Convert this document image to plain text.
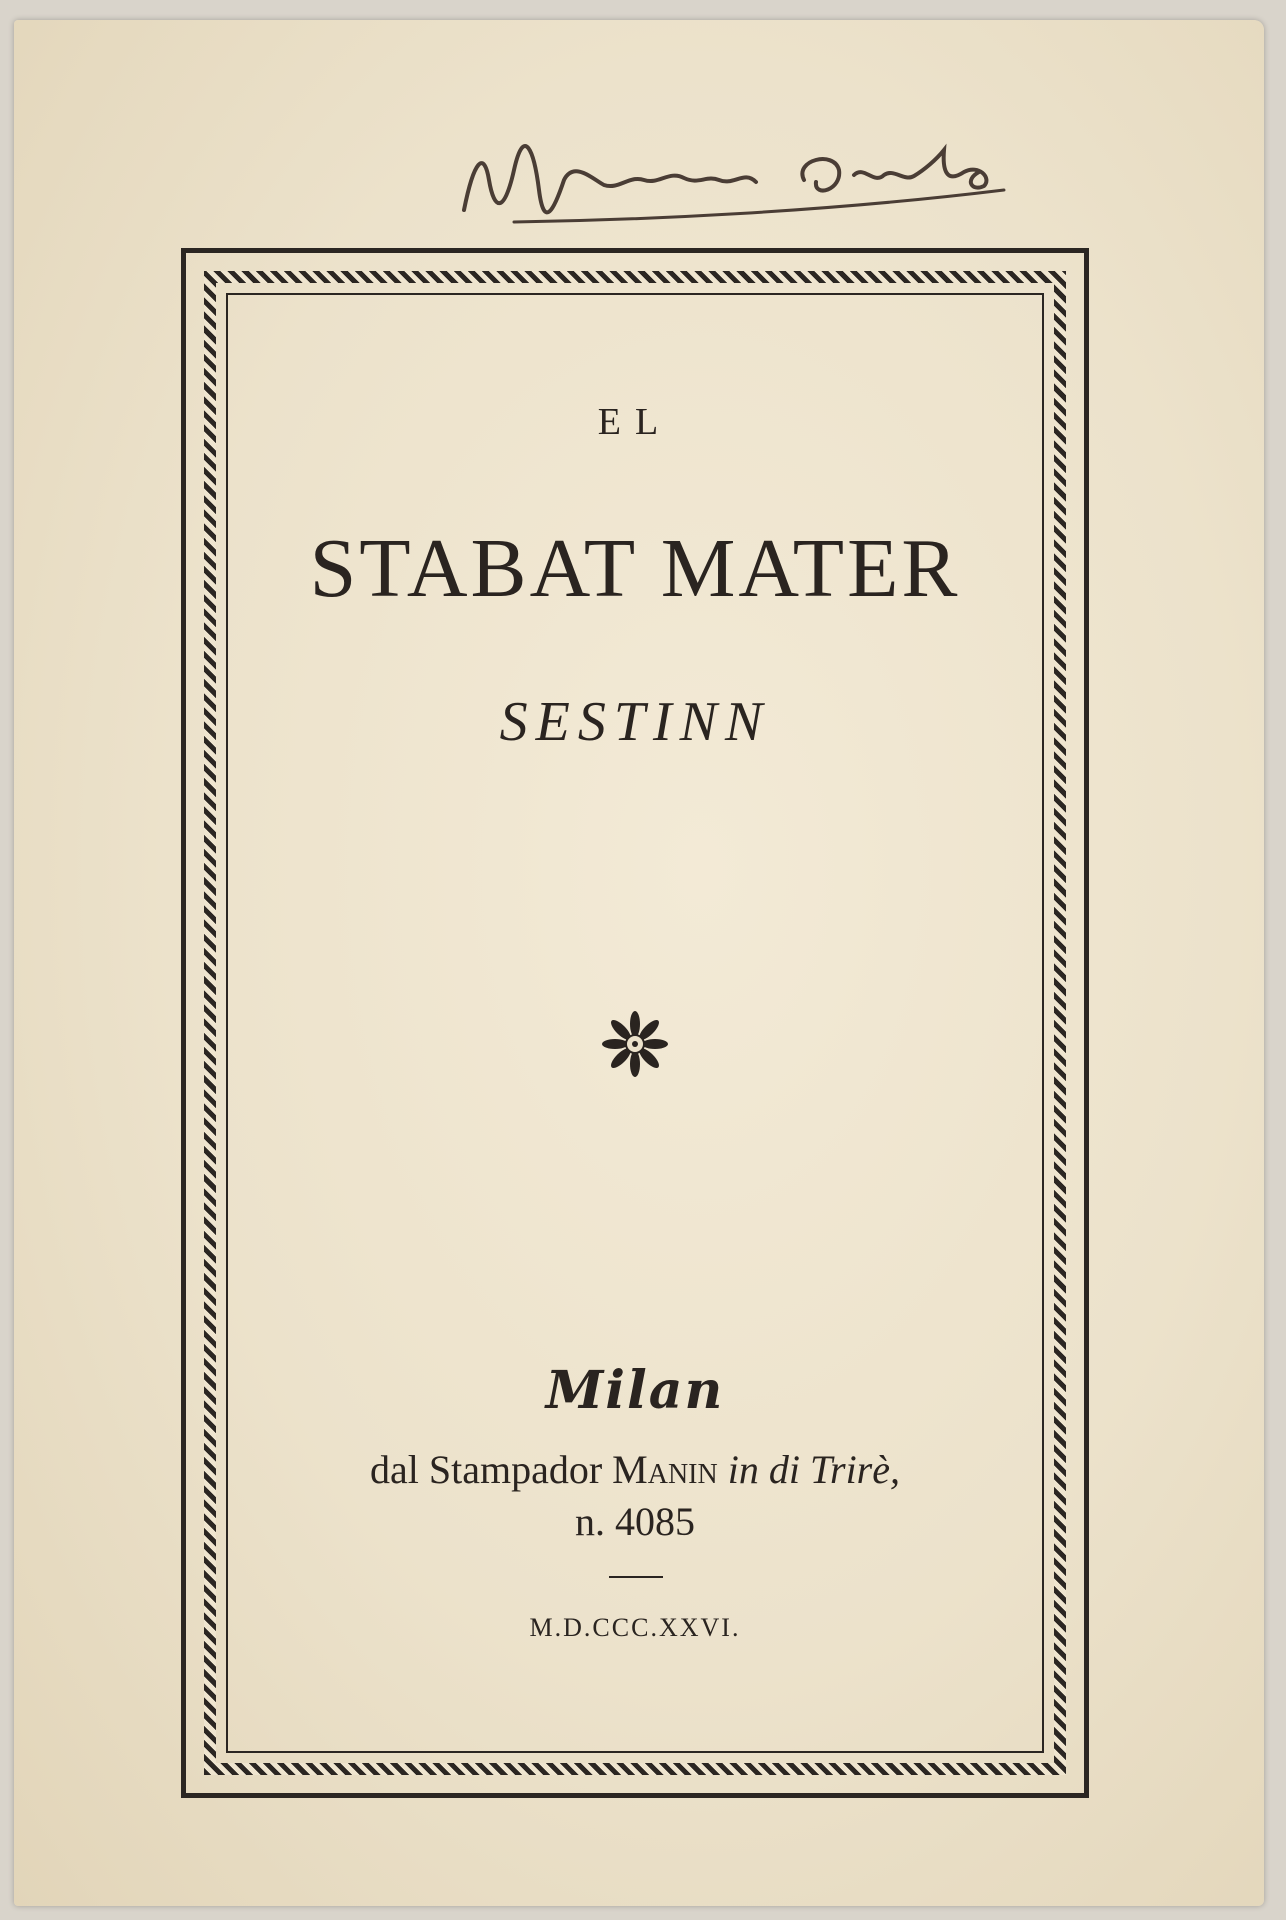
EL
STABAT MATER
SESTINN
Milan
dal Stampador Manin in di Trirè,
n. 4085
M.D.CCC.XXVI.
